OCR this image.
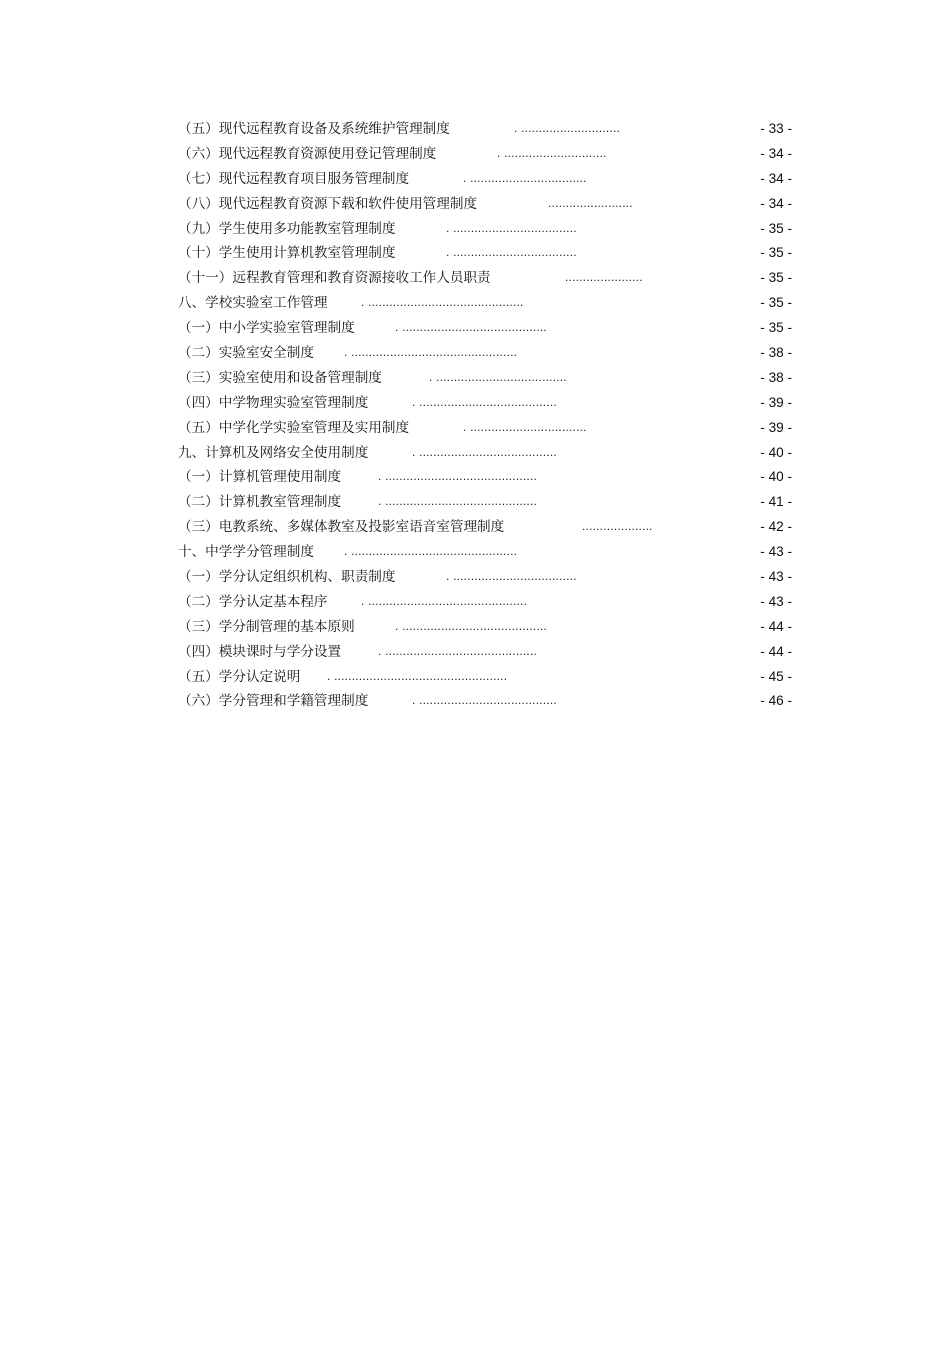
（五）现代远程教育设备及系统维护管理制度	. ............................	- 33 -
（六）现代远程教育资源使用登记管理制度	. .............................	- 34 -
（七）现代远程教育项目服务管理制度	. .................................	- 34 -
（八）现代远程教育资源下载和软件使用管理制度	........................	- 34 -
（九）学生使用多功能教室管理制度	. ...................................	- 35 -
（十）学生使用计算机教室管理制度	. ...................................	- 35 -
（十一）远程教育管理和教育资源接收工作人员职责	......................	- 35 -
八、学校实验室工作管理	. ............................................	- 35 -
（一）中小学实验室管理制度	. .........................................	- 35 -
（二）实验室安全制度	. ...............................................	- 38 -
（三）实验室使用和设备管理制度	. .....................................	- 38 -
（四）中学物理实验室管理制度	. .......................................	- 39 -
（五）中学化学实验室管理及实用制度	. .................................	- 39 -
九、计算机及网络安全使用制度	. .......................................	- 40 -
（一）计算机管理使用制度	. ...........................................	- 40 -
（二）计算机教室管理制度	. ...........................................	- 41 -
（三）电教系统、多媒体教室及投影室语音室管理制度	....................	- 42 -
十、中学学分管理制度	. ...............................................	- 43 -
（一）学分认定组织机构、职责制度	. ...................................	- 43 -
（二）学分认定基本程序	. .............................................	- 43 -
（三）学分制管理的基本原则	. .........................................	- 44 -
（四）模块课时与学分设置	. ...........................................	- 44 -
（五）学分认定说明 . .................................................	- 45 -
（六）学分管理和学籍管理制度	. .......................................	- 46 -
